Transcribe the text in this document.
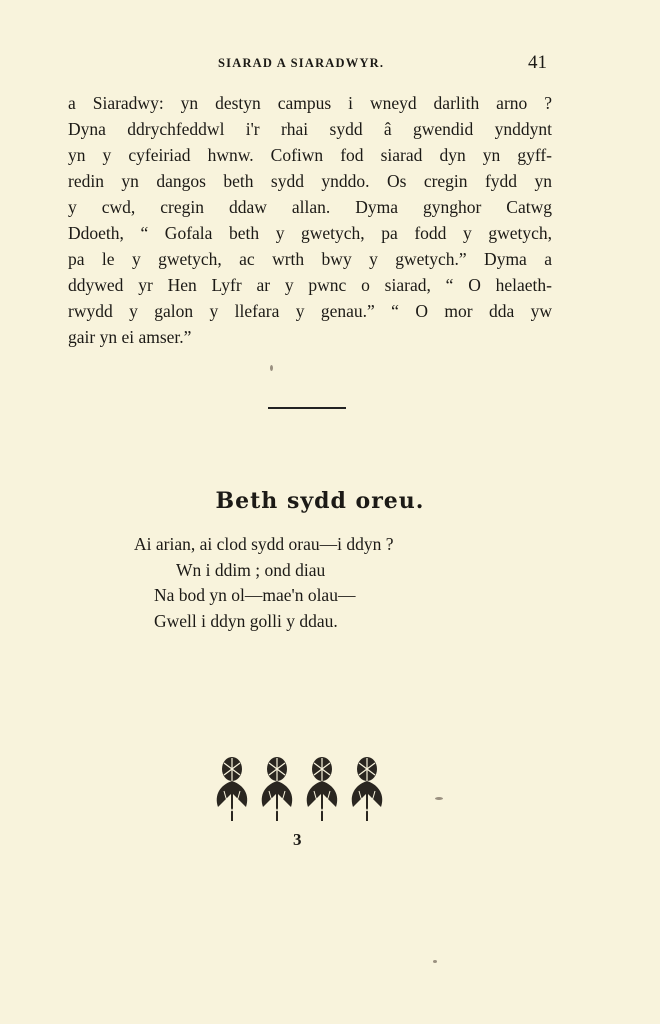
SIARAD A SIARADWYR.	41
a Siaradwy: yn destyn campus i wneyd darlith arno ?
Dyna ddrychfeddwl i'r rhai sydd â gwendid ynddynt
yn y cyfeiriad hwnw. Cofiwn fod siarad dyn yn gyff-
redin yn dangos beth sydd ynddo. Os cregin fydd yn
y cwd, cregin ddaw allan. Dyma gynghor Catwg
Ddoeth, “ Gofala beth y gwetych, pa fodd y gwetych,
pa le y gwetych, ac wrth bwy y gwetych.” Dyma a
ddywed yr Hen Lyfr ar y pwnc o siarad, “ O helaeth-
rwydd y galon y llefara y genau.” “ O mor dda yw
gair yn ei amser.”
Beth sydd oreu.
Ai arian, ai clod sydd orau—i ddyn ?
Wn i ddim ; ond diau
Na bod yn ol—mae'n olau—
Gwell i ddyn golli y ddau.
3
